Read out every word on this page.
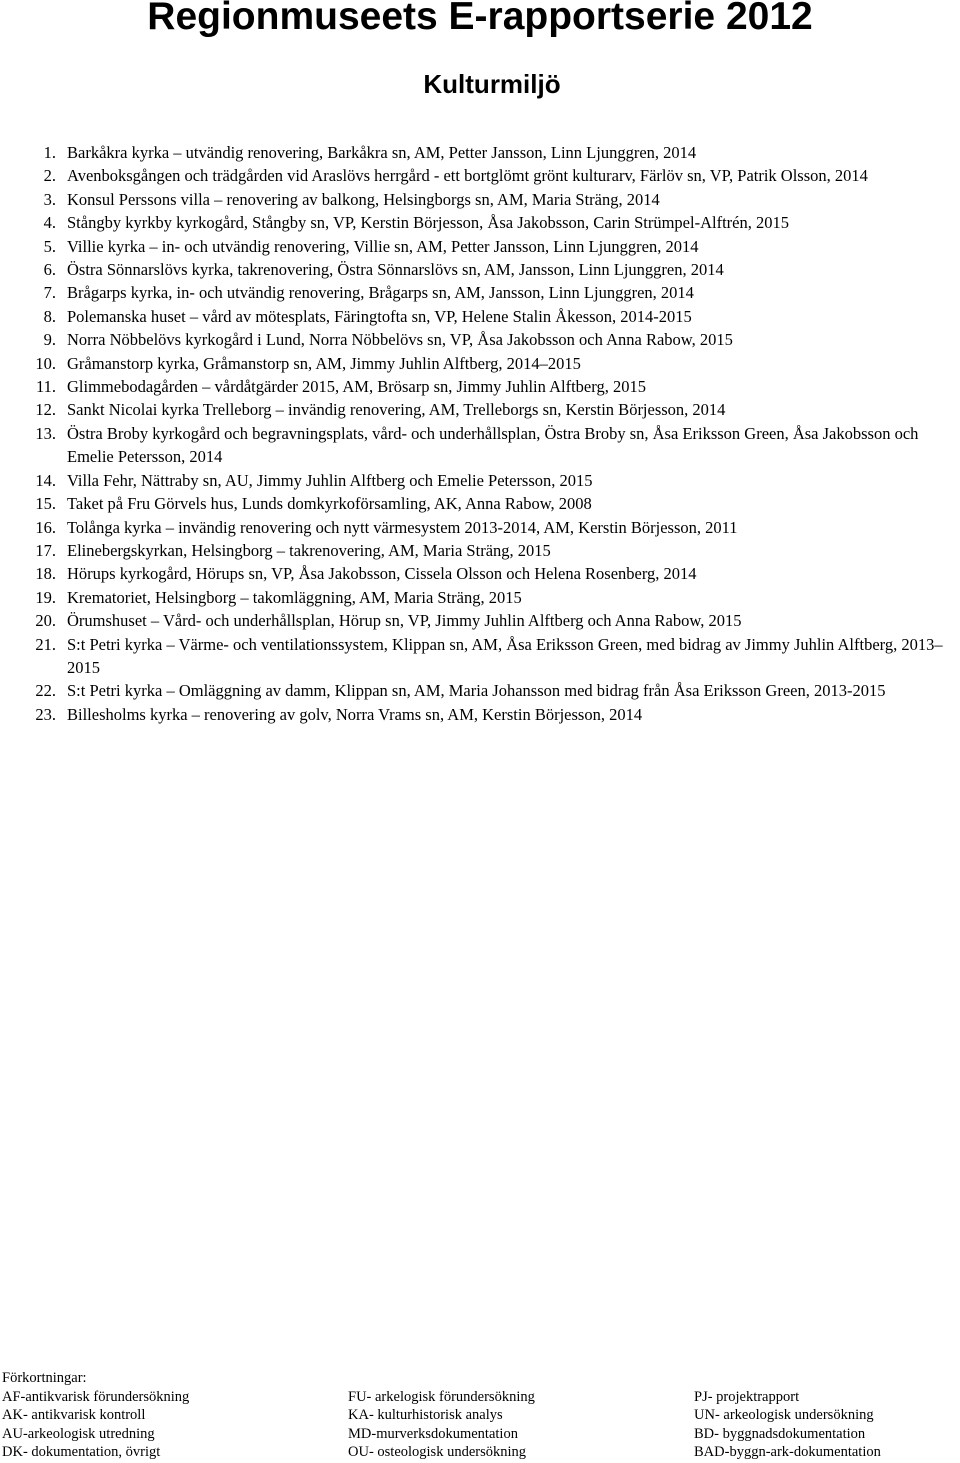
Regionmuseets E-rapportserie 2012
Kulturmiljö
1. Barkåkra kyrka – utvändig renovering, Barkåkra sn, AM, Petter Jansson, Linn Ljunggren, 2014
2. Avenboksgången och trädgården vid Araslövs herrgård - ett bortglömt grönt kulturarv, Färlöv sn, VP, Patrik Olsson, 2014
3. Konsul Perssons villa – renovering av balkong, Helsingborgs sn, AM, Maria Sträng, 2014
4. Stångby kyrkby kyrkogård, Stångby sn, VP, Kerstin Börjesson, Åsa Jakobsson, Carin Strümpel-Alftrén, 2015
5. Villie kyrka – in- och utvändig renovering, Villie sn, AM, Petter Jansson, Linn Ljunggren, 2014
6. Östra Sönnarslövs kyrka, takrenovering, Östra Sönnarslövs sn, AM, Jansson, Linn Ljunggren, 2014
7. Brågarps kyrka, in- och utvändig renovering, Brågarps sn, AM, Jansson, Linn Ljunggren, 2014
8. Polemanska huset – vård av mötesplats, Färingtofta sn, VP, Helene Stalin Åkesson, 2014-2015
9. Norra Nöbbelövs kyrkogård i Lund, Norra Nöbbelövs sn, VP, Åsa Jakobsson och Anna Rabow, 2015
10. Gråmanstorp kyrka, Gråmanstorp sn, AM, Jimmy Juhlin Alftberg, 2014–2015
11. Glimmebodagården – vårdåtgärder 2015, AM, Brösarp sn, Jimmy Juhlin Alftberg, 2015
12. Sankt Nicolai kyrka Trelleborg – invändig renovering, AM, Trelleborgs sn, Kerstin Börjesson, 2014
13. Östra Broby kyrkogård och begravningsplats, vård- och underhållsplan, Östra Broby sn, Åsa Eriksson Green, Åsa Jakobsson och Emelie Petersson, 2014
14. Villa Fehr, Nättraby sn, AU, Jimmy Juhlin Alftberg och Emelie Petersson, 2015
15. Taket på Fru Görvels hus, Lunds domkyrkoförsamling, AK, Anna Rabow, 2008
16. Tolånga kyrka – invändig renovering och nytt värmesystem 2013-2014, AM, Kerstin Börjesson, 2011
17. Elinebergskyrkan, Helsingborg – takrenovering, AM, Maria Sträng, 2015
18. Hörups kyrkogård, Hörups sn, VP, Åsa Jakobsson, Cissela Olsson och Helena Rosenberg, 2014
19. Krematoriet, Helsingborg – takomläggning, AM, Maria Sträng, 2015
20. Örumshuset – Vård- och underhållsplan, Hörup sn, VP, Jimmy Juhlin Alftberg och Anna Rabow, 2015
21. S:t Petri kyrka – Värme- och ventilationssystem, Klippan sn, AM, Åsa Eriksson Green, med bidrag av Jimmy Juhlin Alftberg, 2013–2015
22. S:t Petri kyrka – Omläggning av damm, Klippan sn, AM, Maria Johansson med bidrag från Åsa Eriksson Green, 2013-2015
23. Billesholms kyrka – renovering av golv, Norra Vrams sn, AM, Kerstin Börjesson, 2014
Förkortningar:
AF-antikvarisk förundersökning
AK- antikvarisk kontroll
AU-arkeologisk utredning
DK- dokumentation, övrigt
FU- arkelogisk förundersökning
KA- kulturhistorisk analys
MD-murverksdokumentation
OU- osteologisk undersökning
PJ- projektrapport
UN- arkeologisk undersökning
BD- byggnadsdokumentation
BAD-byggn-ark-dokumentation
